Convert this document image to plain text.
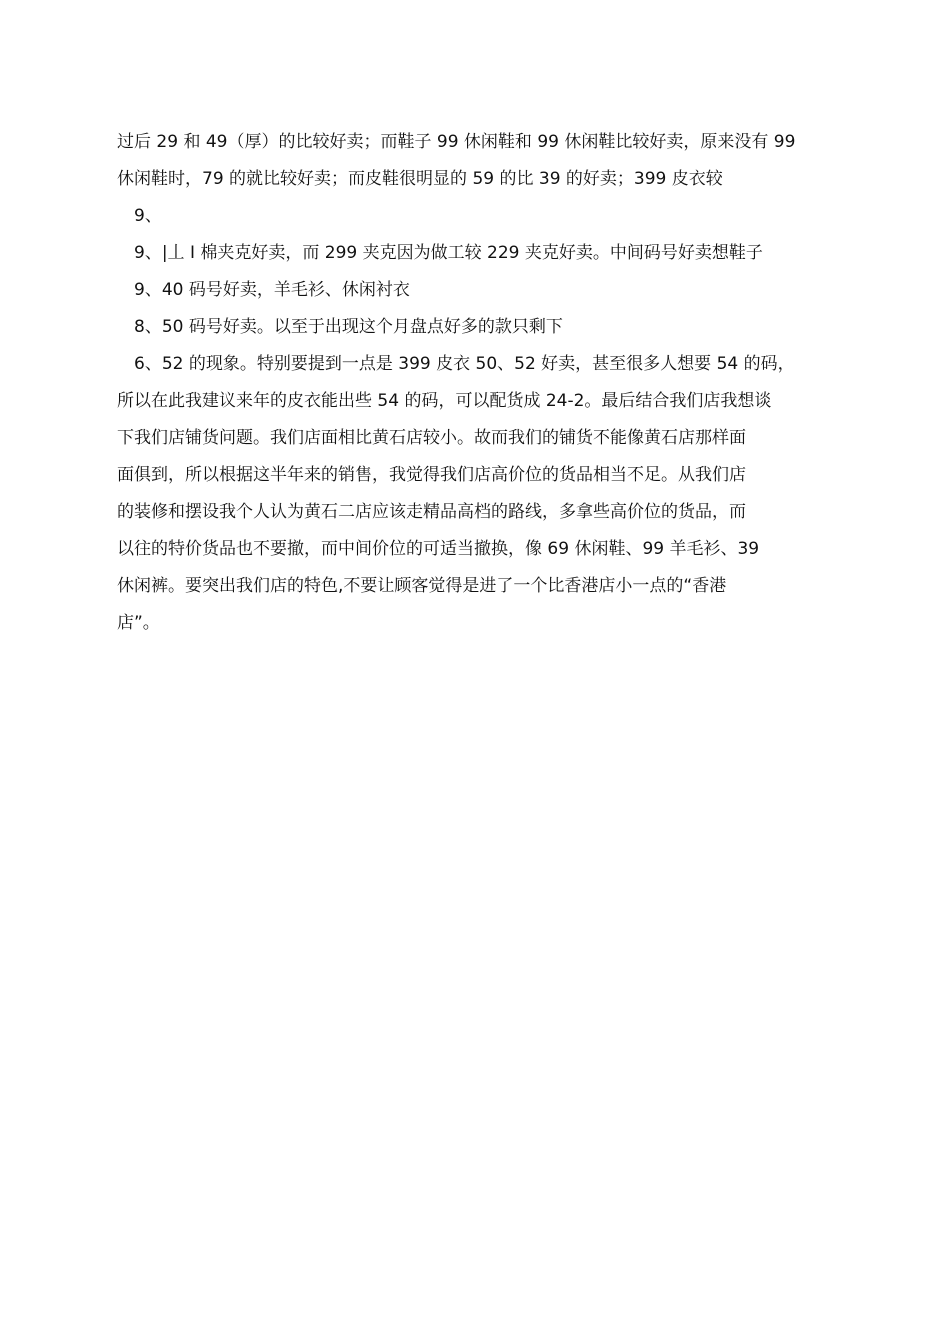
过后 29 和 49（厚）的比较好卖；而鞋子 99 休闲鞋和 99 休闲鞋比较好卖，原来没有 99
休闲鞋时，79 的就比较好卖；而皮鞋很明显的 59 的比 39 的好卖；399 皮衣较
9、
9、|丄 I 棉夹克好卖，而 299 夹克因为做工较 229 夹克好卖。中间码号好卖想鞋子
9、40 码号好卖，羊毛衫、休闲衬衣
8、50 码号好卖。以至于出现这个月盘点好多的款只剩下
6、52 的现象。特别要提到一点是 399 皮衣 50、52 好卖，甚至很多人想要 54 的码，
所以在此我建议来年的皮衣能出些 54 的码，可以配货成 24-2。最后结合我们店我想谈
下我们店铺货问题。我们店面相比黄石店较小。故而我们的铺货不能像黄石店那样面
面俱到，所以根据这半年来的销售，我觉得我们店高价位的货品相当不足。从我们店
的装修和摆设我个人认为黄石二店应该走精品高档的路线，多拿些高价位的货品，而
以往的特价货品也不要撤，而中间价位的可适当撤换，像 69 休闲鞋、99 羊毛衫、39
休闲裤。要突出我们店的特色,不要让顾客觉得是进了一个比香港店小一点的“香港
店”。
